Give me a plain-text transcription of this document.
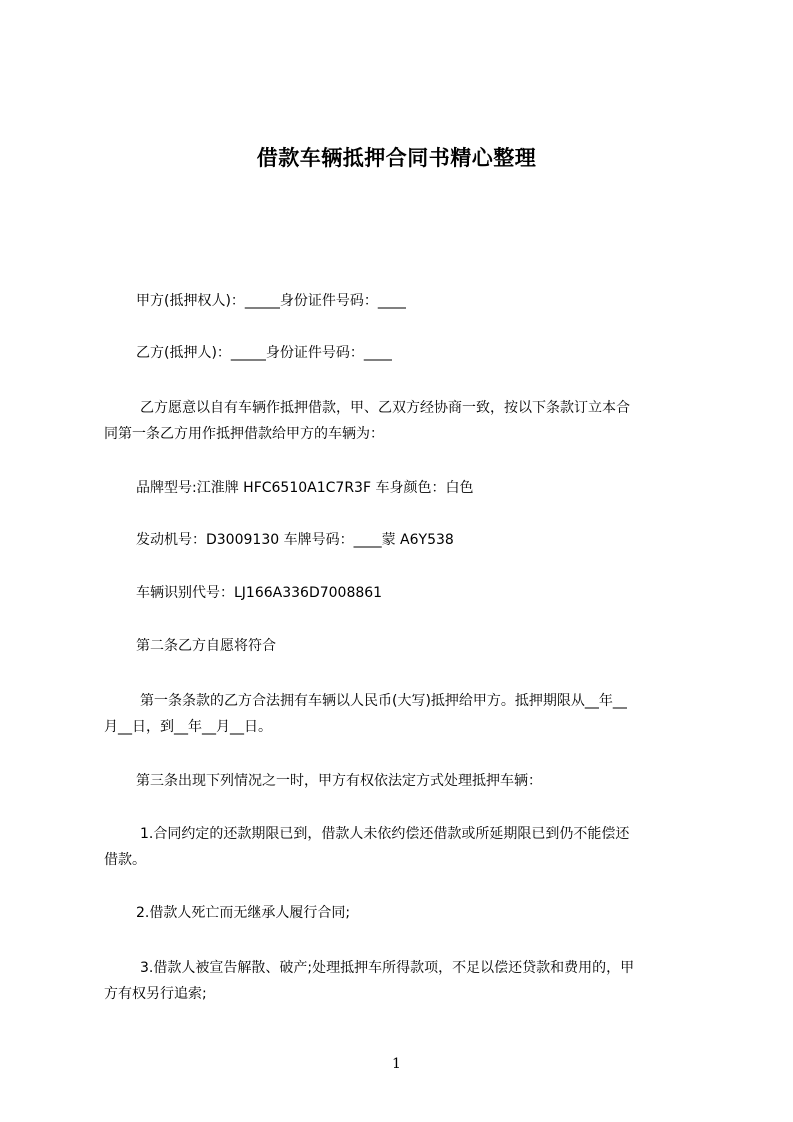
借款车辆抵押合同书精心整理
甲方(抵押权人)：_____身份证件号码：____
乙方(抵押人)：_____身份证件号码：____
乙方愿意以自有车辆作抵押借款，甲、乙双方经协商一致，按以下条款订立本合
同第一条乙方用作抵押借款给甲方的车辆为：
品牌型号:江淮牌 HFC6510A1C7R3F 车身颜色：白色
发动机号：D3009130 车牌号码：____蒙 A6Y538
车辆识别代号：LJ166A336D7008861
第二条乙方自愿将符合
第一条条款的乙方合法拥有车辆以人民币(大写)抵押给甲方。抵押期限从__年__
月__日，到__年__月__日。
第三条出现下列情况之一时，甲方有权依法定方式处理抵押车辆：
1.合同约定的还款期限已到，借款人未依约偿还借款或所延期限已到仍不能偿还
借款。
2.借款人死亡而无继承人履行合同;
3.借款人被宣告解散、破产;处理抵押车所得款项，不足以偿还贷款和费用的，甲
方有权另行追索;
1
